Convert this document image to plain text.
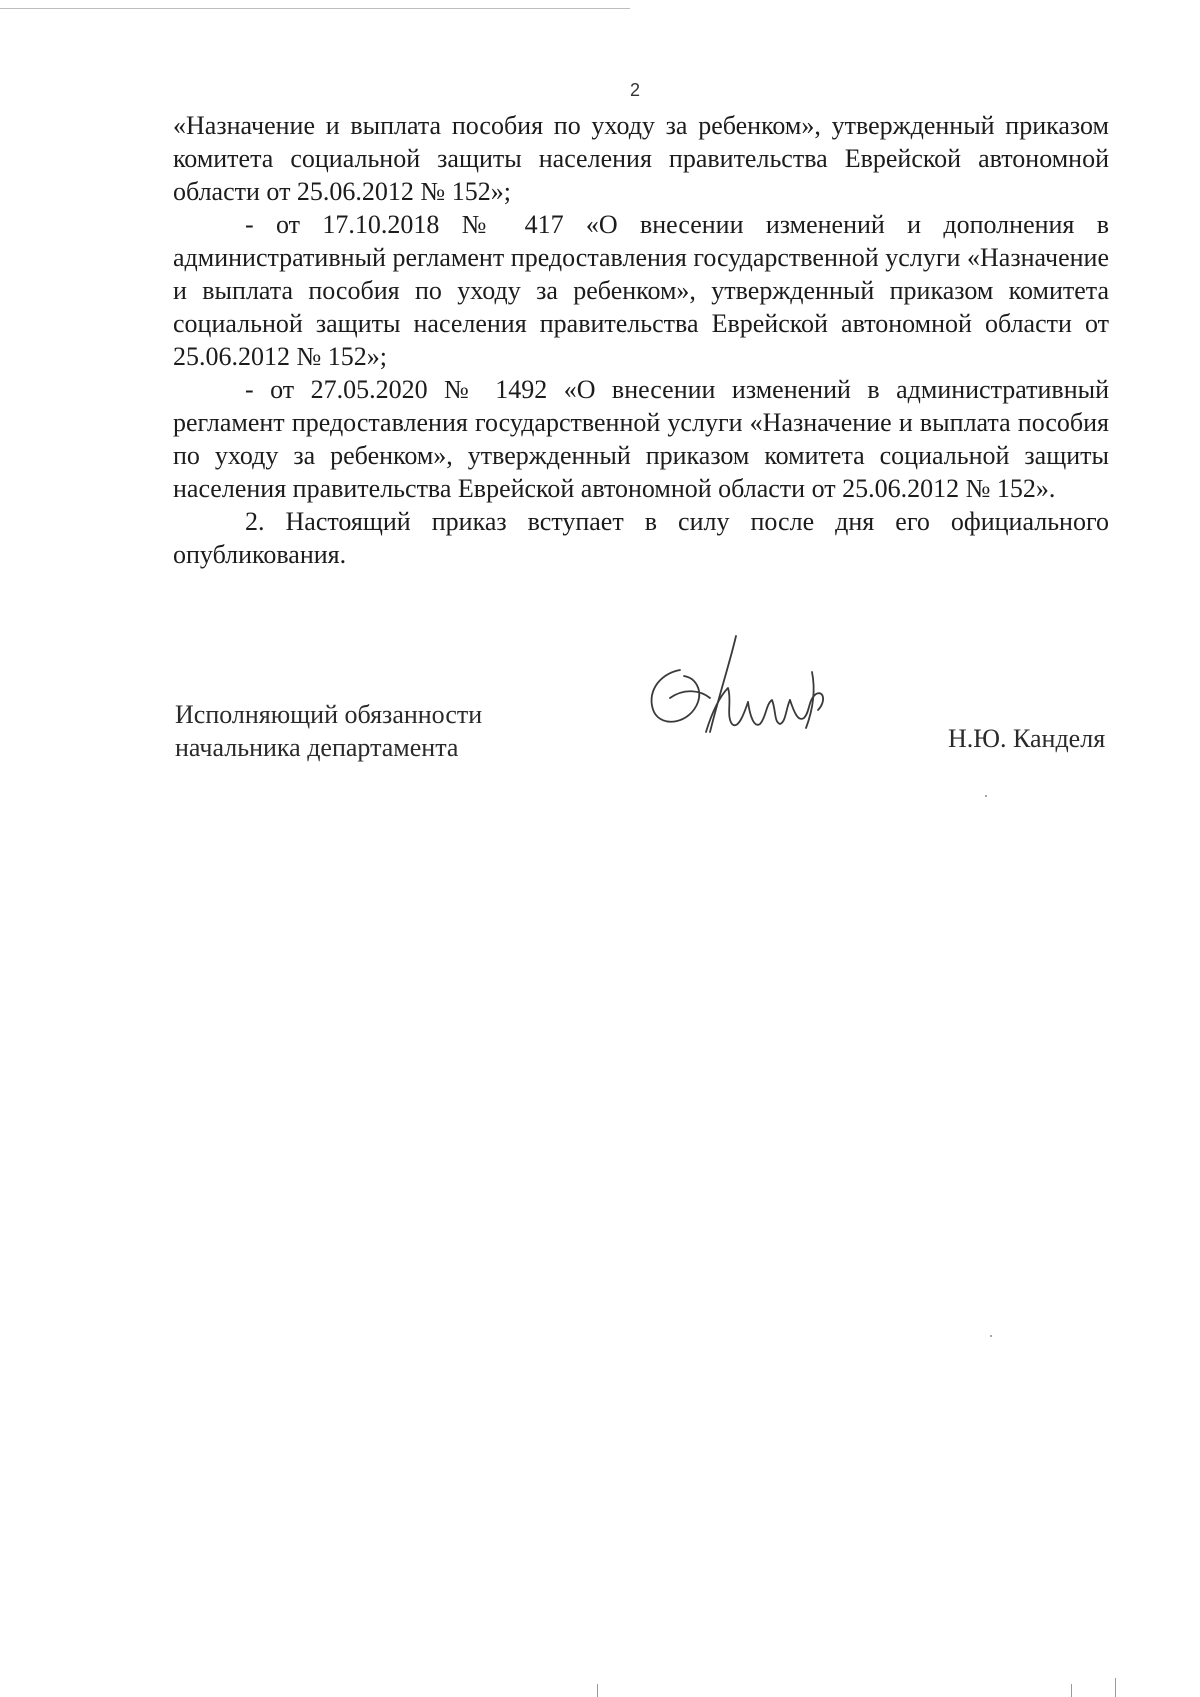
2

«Назначение и выплата пособия по уходу за ребенком», утвержденный приказом комитета социальной защиты населения правительства Еврейской автономной области от 25.06.2012 № 152»;

- от 17.10.2018 № 417 «О внесении изменений и дополнения в административный регламент предоставления государственной услуги «Назначение и выплата пособия по уходу за ребенком», утвержденный приказом комитета социальной защиты населения правительства Еврейской автономной области от 25.06.2012 № 152»;

- от 27.05.2020 № 1492 «О внесении изменений в административный регламент предоставления государственной услуги «Назначение и выплата пособия по уходу за ребенком», утвержденный приказом комитета социальной защиты населения правительства Еврейской автономной области от 25.06.2012 № 152».

2. Настоящий приказ вступает в силу после дня его официального опубликования.

Исполняющий обязанности
начальника департамента	Н.Ю. Канделя
